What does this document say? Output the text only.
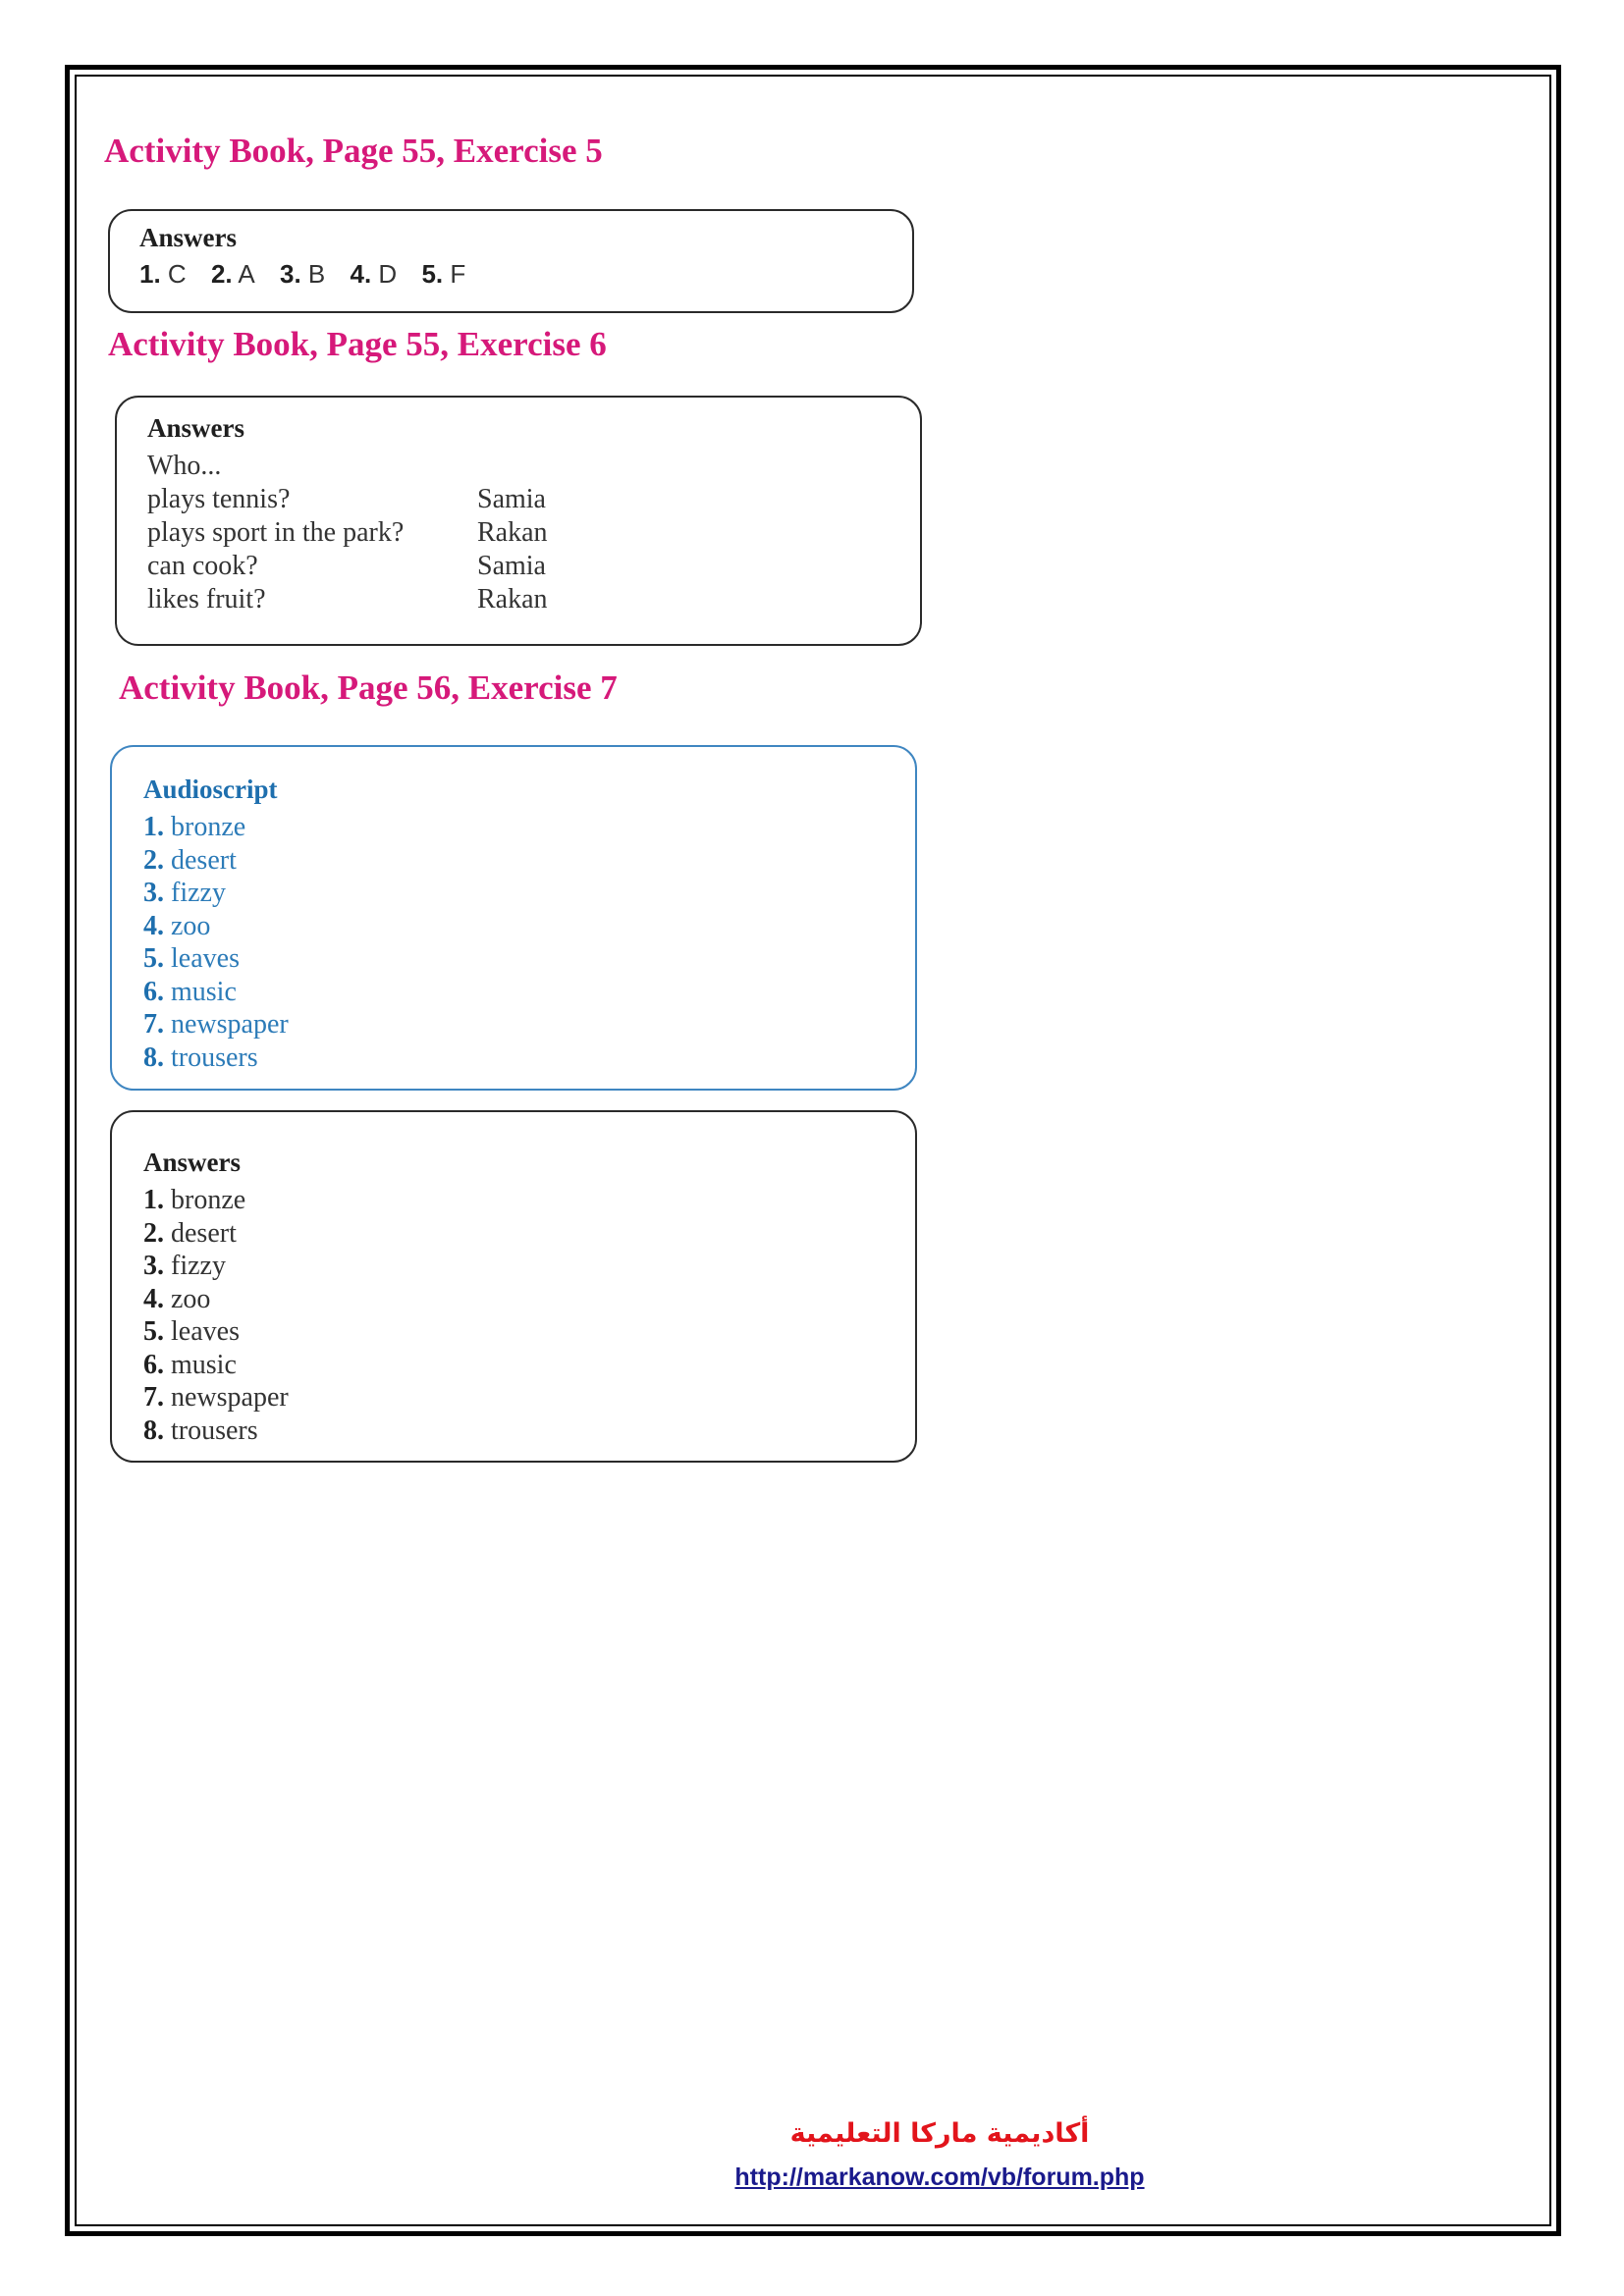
Activity Book, Page 55, Exercise 5

Answers

1. C 2. A 3. B 4. D 5. F
Activity Book, Page 55, Exercise 6

Answers

Who...
plays tennis?	Samia
plays sport in the park?	Rakan
can cook?	Samia
likes fruit?	Rakan
Activity Book, Page 56, Exercise 7

Audioscript

1. bronze
2. desert
3. fizzy
4. zoo
5. leaves
6. music
7. newspaper
8. trousers

Answers

1. bronze
2. desert
3. fizzy
4. zoo
5. leaves
6. music
7. newspaper
8. trousers
أكاديمية ماركا التعليمية
http://markanow.com/vb/forum.php
